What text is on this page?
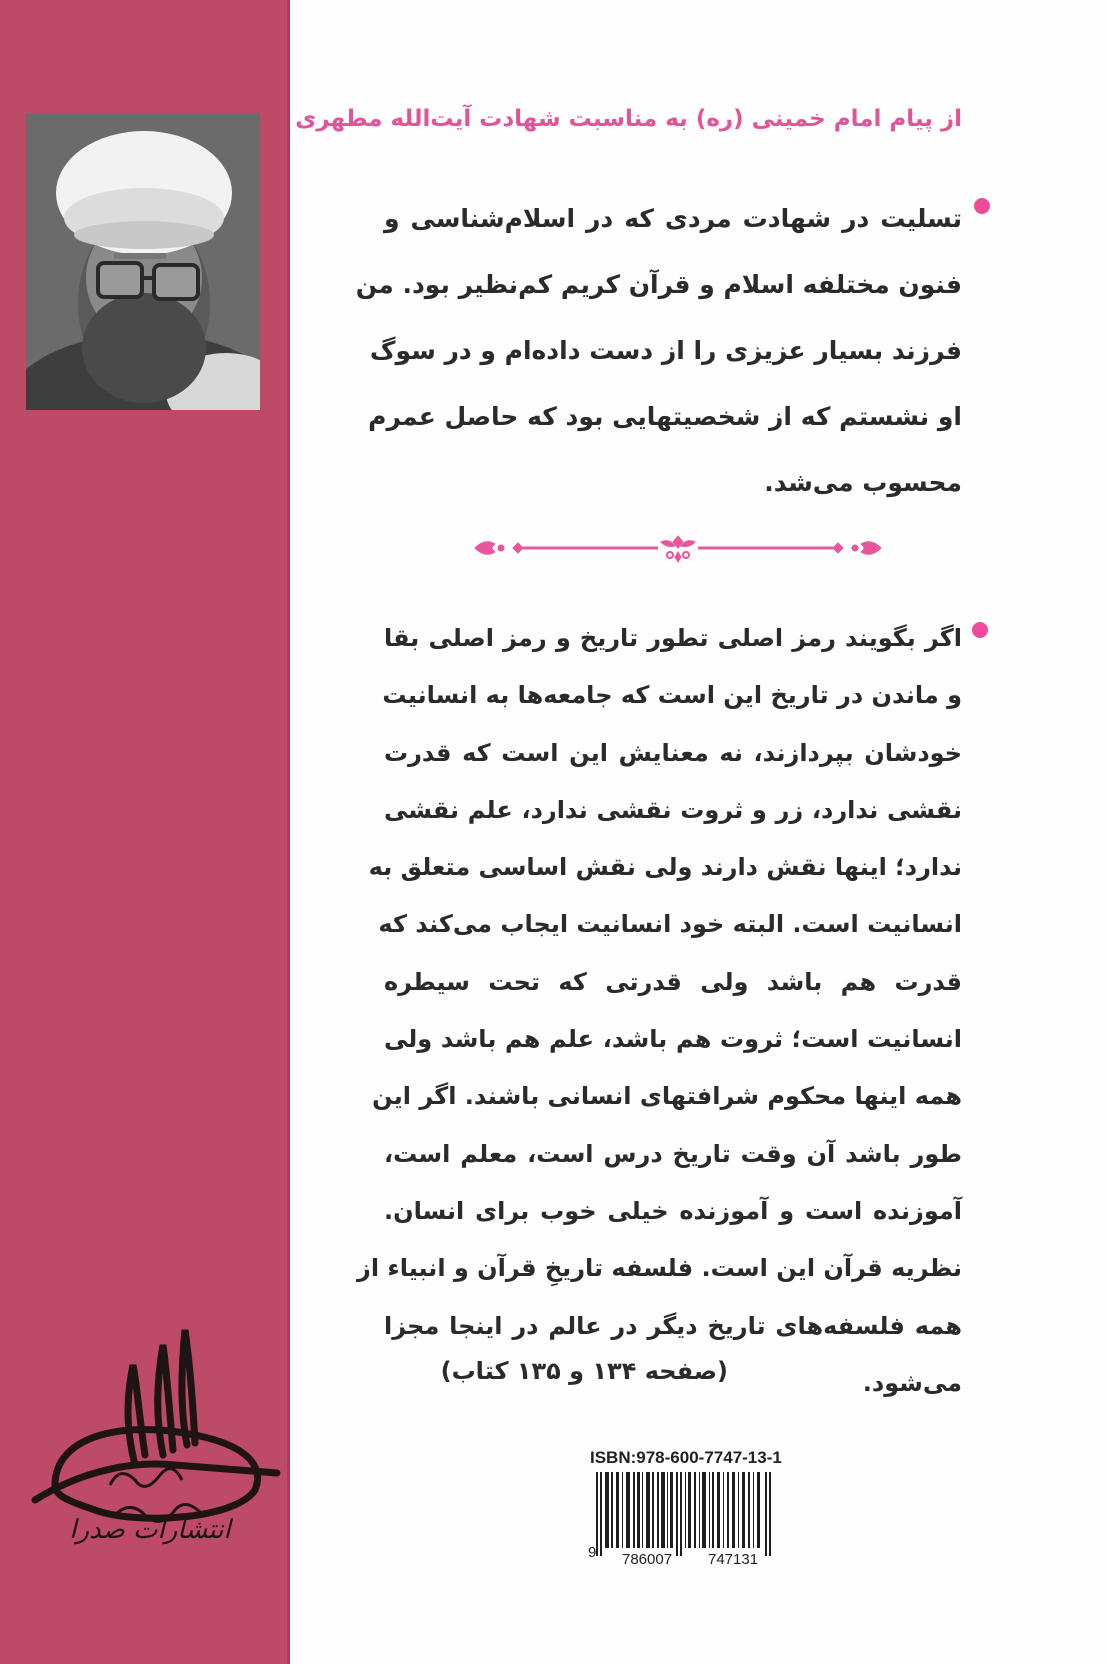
انتشارات صدرا
از پیام امام خمینی (ره) به مناسبت شهادت آیت‌الله مطهری
تسلیت در شهادت مردی که در اسلام‌شناسی و
فنون مختلفه اسلام و قرآن کریم کم‌نظیر بود. من
فرزند بسیار عزیزی را از دست داده‌ام و در سوگ
او نشستم که از شخصیتهایی بود که حاصل عمرم
محسوب می‌شد.
اگر بگویند رمز اصلی تطور تاریخ و رمز اصلی بقا
و ماندن در تاریخ این است که جامعه‌ها به انسانیت
خودشان بپردازند، نه معنایش این است که قدرت
نقشی ندارد، زر و ثروت نقشی ندارد، علم نقشی
ندارد؛ اینها نقش دارند ولی نقش اساسی متعلق به
انسانیت است. البته خود انسانیت ایجاب می‌کند که
قدرت هم باشد ولی قدرتی که تحت سیطره
انسانیت است؛ ثروت هم باشد، علم هم باشد ولی
همه اینها محکوم شرافتهای انسانی باشند. اگر این
طور باشد آن وقت تاریخ درس است، معلم است،
آموزنده است و آموزنده خیلی خوب برای انسان.
نظریه قرآن این است. فلسفه تاریخِ قرآن و انبیاء از
همه فلسفه‌های تاریخ دیگر در عالم در اینجا مجزا
می‌شود.
(صفحه ۱۳۴ و ۱۳۵ کتاب)
ISBN:978-600-7747-13-1
9 786007 747131
